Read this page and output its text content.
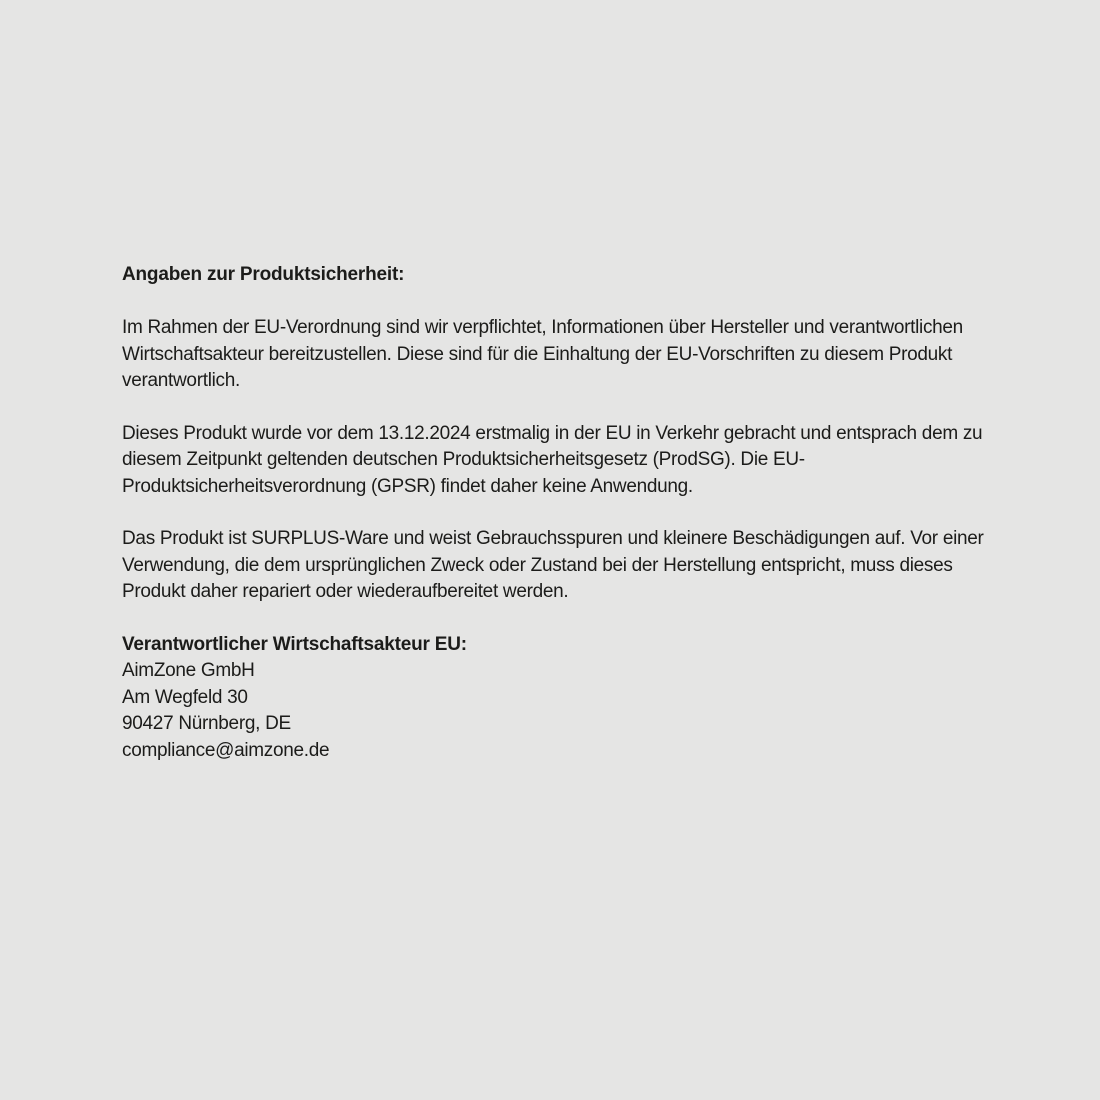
Angaben zur Produktsicherheit:

Im Rahmen der EU-Verordnung sind wir verpflichtet, Informationen über Hersteller und verantwortlichen Wirtschaftsakteur bereitzustellen. Diese sind für die Einhaltung der EU-Vorschriften zu diesem Produkt verantwortlich.

Dieses Produkt wurde vor dem 13.12.2024 erstmalig in der EU in Verkehr gebracht und entsprach dem zu diesem Zeitpunkt geltenden deutschen Produktsicherheitsgesetz (ProdSG). Die EU-Produktsicherheitsverordnung (GPSR) findet daher keine Anwendung.

Das Produkt ist SURPLUS-Ware und weist Gebrauchsspuren und kleinere Beschädigungen auf. Vor einer Verwendung, die dem ursprünglichen Zweck oder Zustand bei der Herstellung entspricht, muss dieses Produkt daher repariert oder wiederaufbereitet werden.

Verantwortlicher Wirtschaftsakteur EU:
AimZone GmbH
Am Wegfeld 30
90427 Nürnberg, DE
compliance@aimzone.de
